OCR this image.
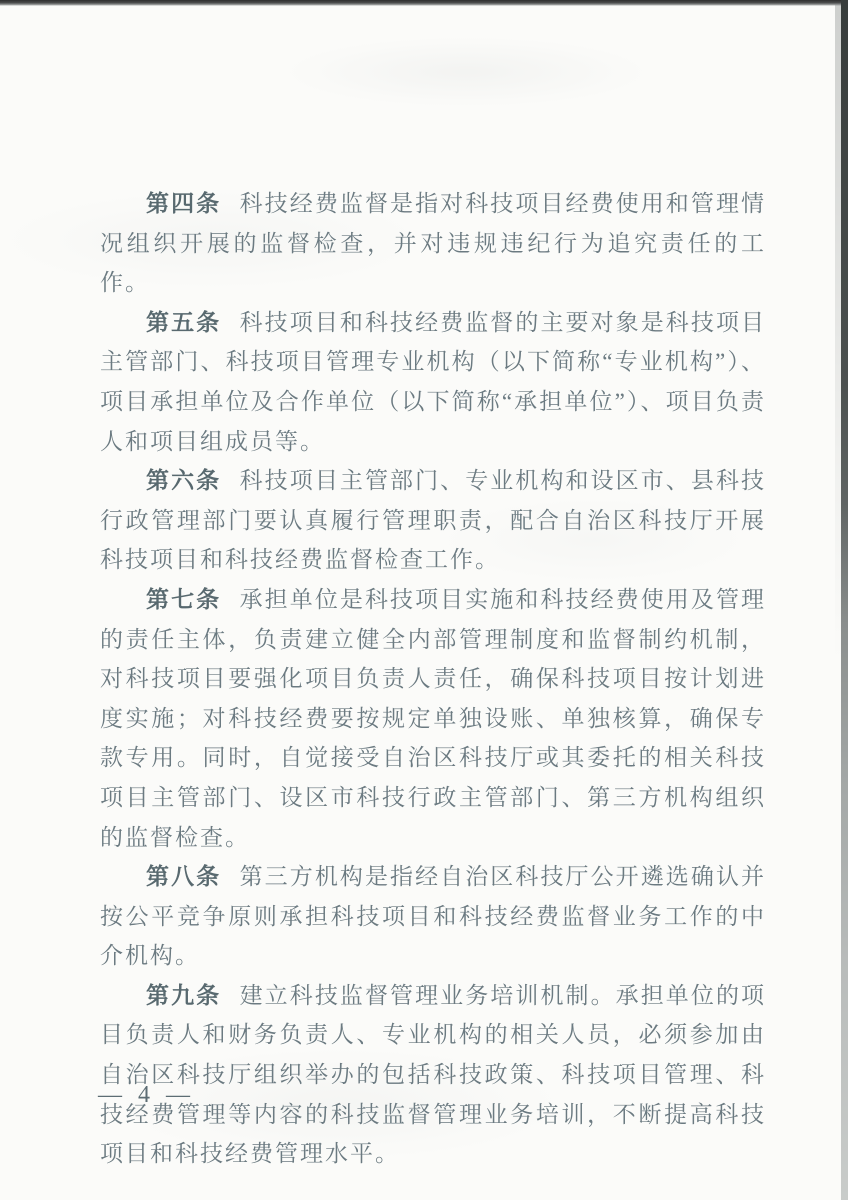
第四条 科技经费监督是指对科技项目经费使用和管理情况组织开展的监督检查，并对违规违纪行为追究责任的工作。

第五条 科技项目和科技经费监督的主要对象是科技项目主管部门、科技项目管理专业机构（以下简称“专业机构”）、项目承担单位及合作单位（以下简称“承担单位”）、项目负责人和项目组成员等。

第六条 科技项目主管部门、专业机构和设区市、县科技行政管理部门要认真履行管理职责，配合自治区科技厅开展科技项目和科技经费监督检查工作。

第七条 承担单位是科技项目实施和科技经费使用及管理的责任主体，负责建立健全内部管理制度和监督制约机制，对科技项目要强化项目负责人责任，确保科技项目按计划进度实施；对科技经费要按规定单独设账、单独核算，确保专款专用。同时，自觉接受自治区科技厅或其委托的相关科技项目主管部门、设区市科技行政主管部门、第三方机构组织的监督检查。

第八条 第三方机构是指经自治区科技厅公开遴选确认并按公平竞争原则承担科技项目和科技经费监督业务工作的中介机构。

第九条 建立科技监督管理业务培训机制。承担单位的项目负责人和财务负责人、专业机构的相关人员，必须参加由自治区科技厅组织举办的包括科技政策、科技项目管理、科技经费管理等内容的科技监督管理业务培训，不断提高科技项目和科技经费管理水平。

— 4 —
